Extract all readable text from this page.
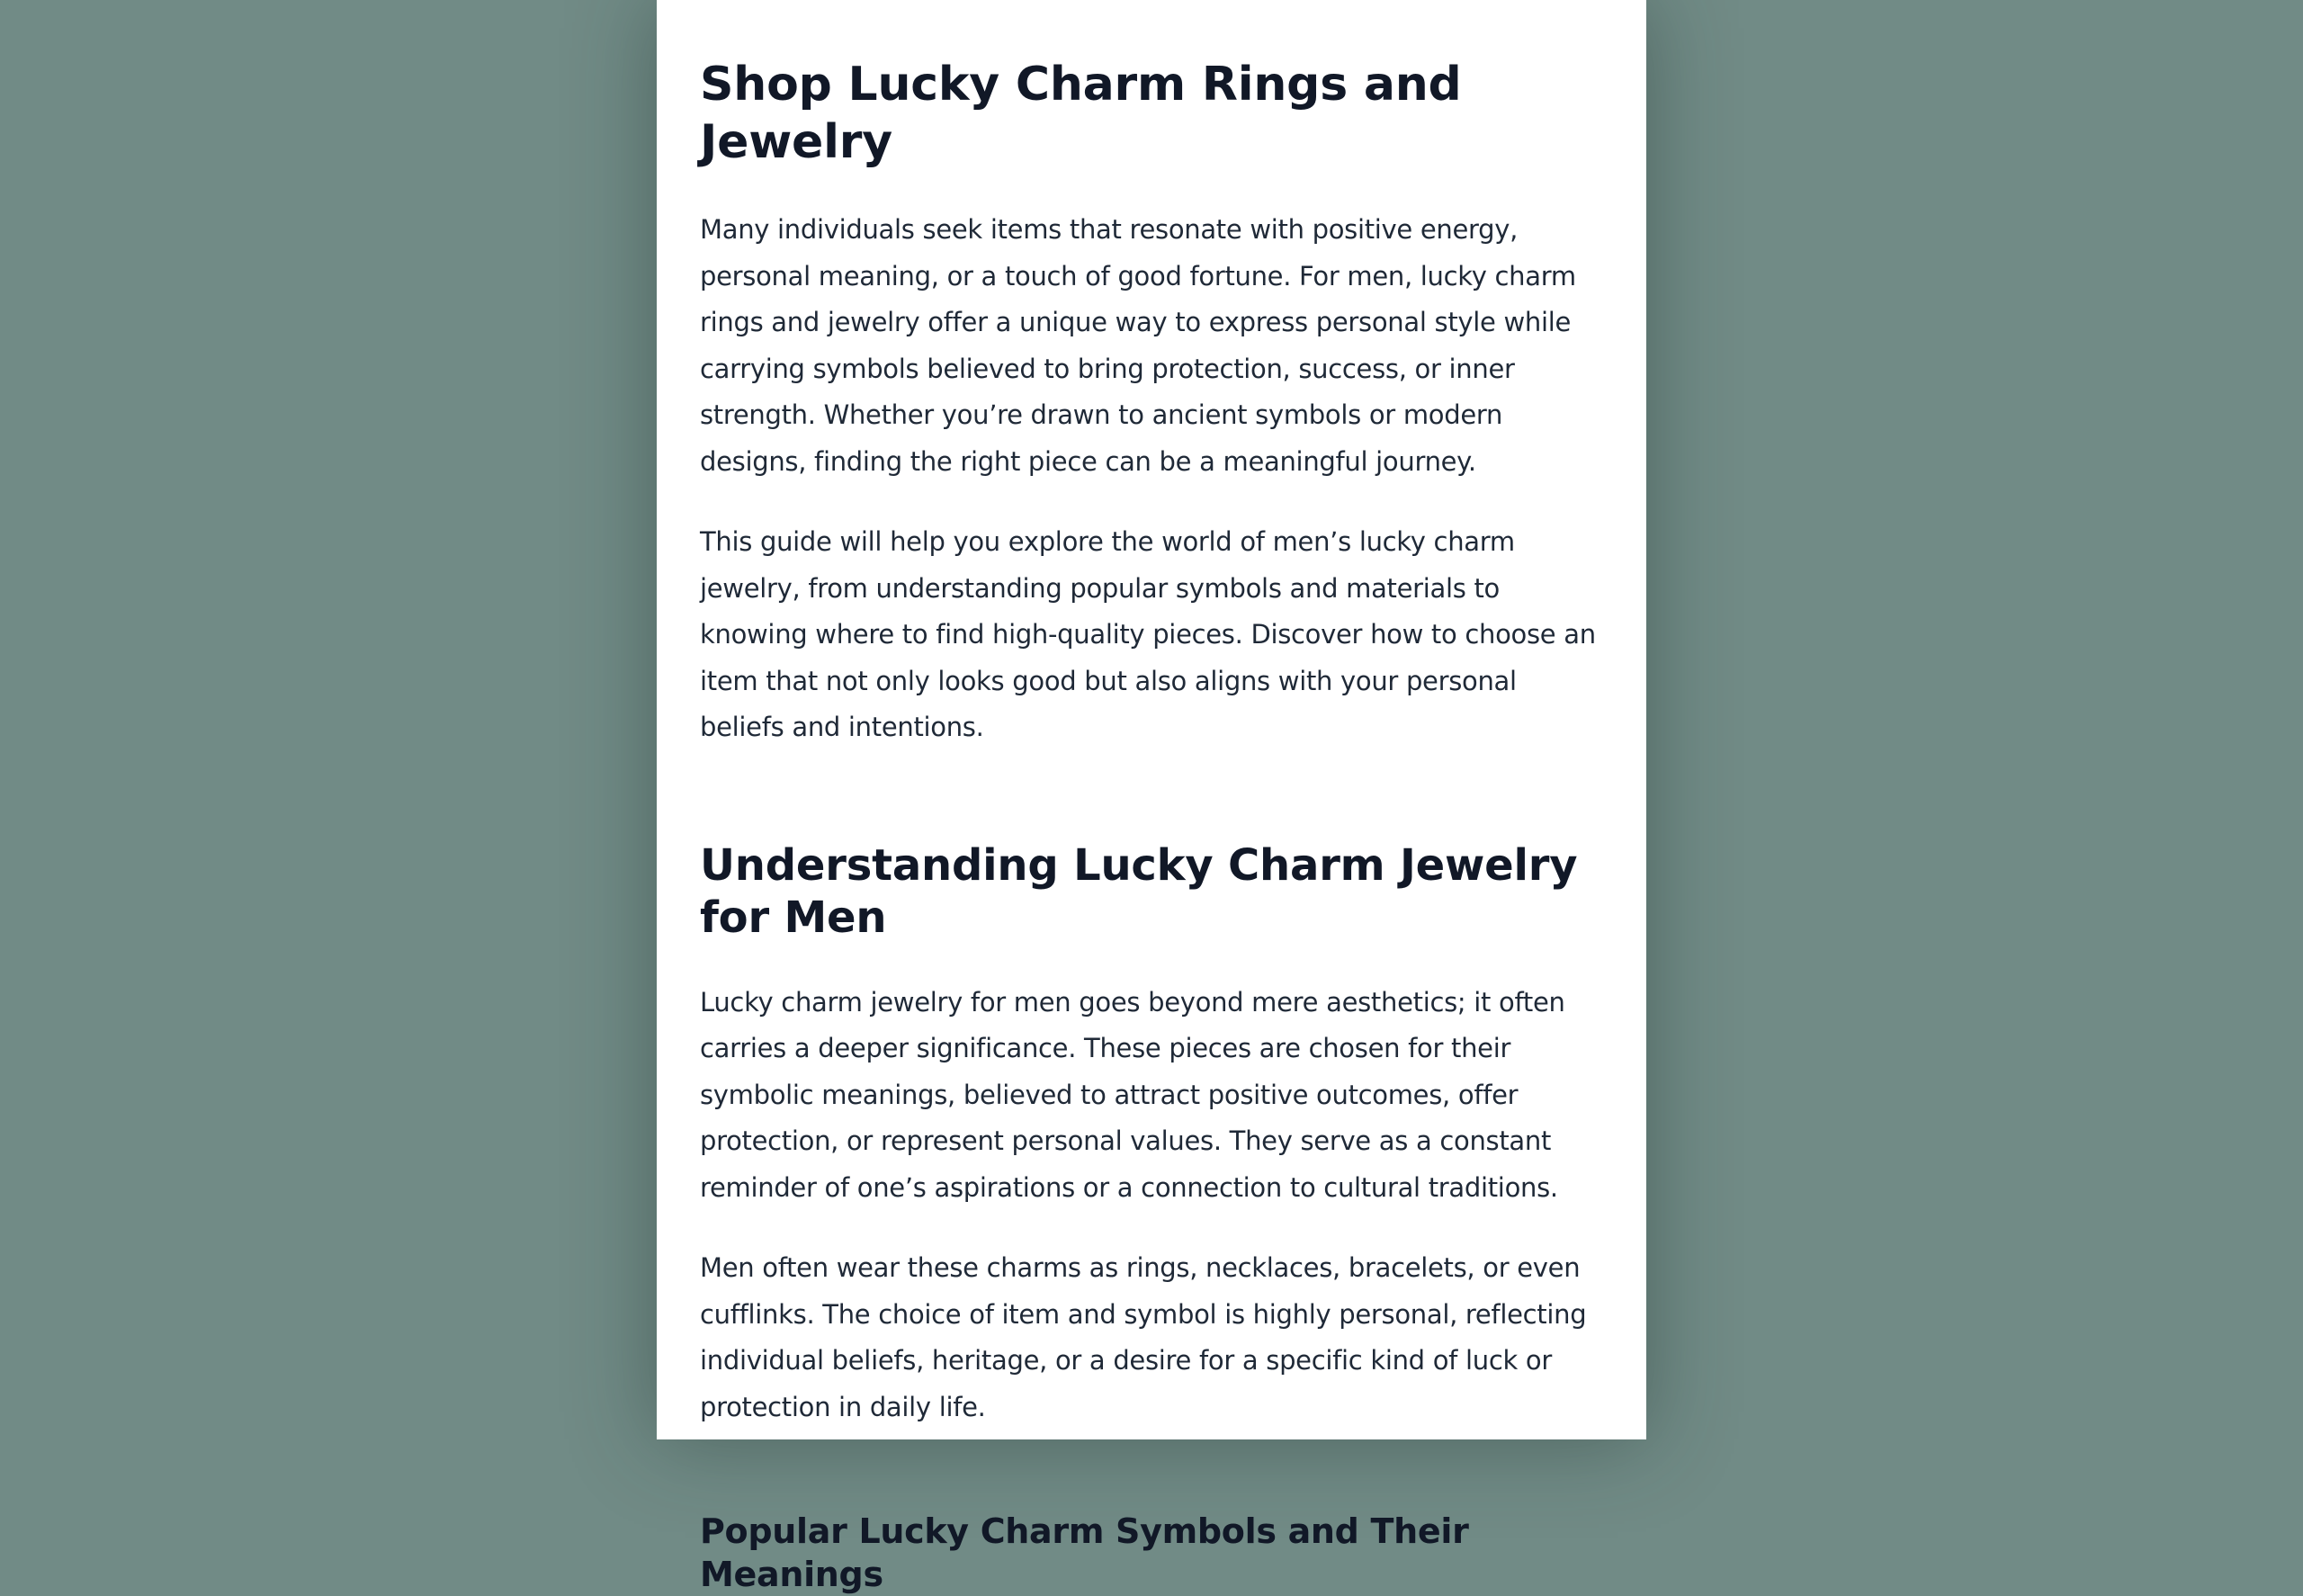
Shop Lucky Charm Rings and Jewelry

Many individuals seek items that resonate with positive energy, personal meaning, or a touch of good fortune. For men, lucky charm rings and jewelry offer a unique way to express personal style while carrying symbols believed to bring protection, success, or inner strength. Whether you’re drawn to ancient symbols or modern designs, finding the right piece can be a meaningful journey.

This guide will help you explore the world of men’s lucky charm jewelry, from understanding popular symbols and materials to knowing where to find high-quality pieces. Discover how to choose an item that not only looks good but also aligns with your personal beliefs and intentions.

Understanding Lucky Charm Jewelry for Men

Lucky charm jewelry for men goes beyond mere aesthetics; it often carries a deeper significance. These pieces are chosen for their symbolic meanings, believed to attract positive outcomes, offer protection, or represent personal values. They serve as a constant reminder of one’s aspirations or a connection to cultural traditions.

Men often wear these charms as rings, necklaces, bracelets, or even cufflinks. The choice of item and symbol is highly personal, reflecting individual beliefs, heritage, or a desire for a specific kind of luck or protection in daily life.

Popular Lucky Charm Symbols and Their Meanings
